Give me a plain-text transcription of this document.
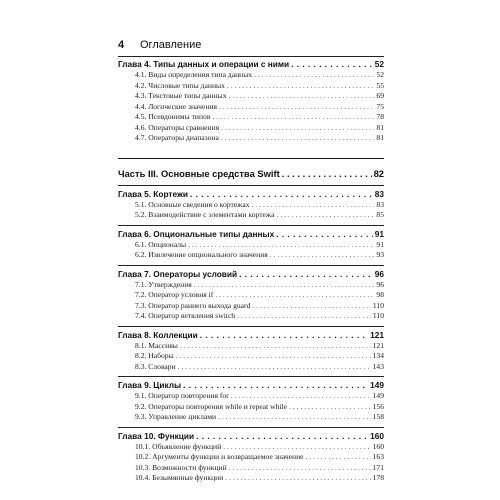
4 Оглавление
Глава 4. Типы данных и операции с ними . . .	52
4.1. Виды определения типа данных . . .	52
4.2. Числовые типы данных . . .	55
4.3. Текстовые типы данных . . .	69
4.4. Логические значения . . .	75
4.5. Псевдонимы типов . . .	78
4.6. Операторы сравнения . . .	81
4.7. Операторы диапазона . . .	81
Часть III. Основные средства Swift . . .	82
Глава 5. Кортежи . . .	83
5.1. Основные сведения о кортежах . . .	83
5.2. Взаимодействие с элементами кортежа . . .	85
Глава 6. Опциональные типы данных . . .	91
6.1. Опционалы . . .	91
6.2. Извлечение опционального значения . . .	93
Глава 7. Операторы условий . . .	96
7.1. Утверждения . . .	96
7.2. Оператор условия if . . .	98
7.3. Оператор раннего выхода guard . . .	110
7.4. Оператор ветвления switch . . .	110
Глава 8. Коллекции . . .	121
8.1. Массивы . . .	121
8.2. Наборы . . .	134
8.3. Словари . . .	143
Глава 9. Циклы . . .	149
9.1. Оператор повторения for . . .	149
9.2. Операторы повторения while и repeat while . . .	156
9.3. Управление циклами . . .	158
Глава 10. Функции . . .	160
10.1. Объявление функций . . .	160
10.2. Аргументы функции и возвращаемое значение . . .	163
10.3. Возможности функций . . .	171
10.4. Безымянные функции . . .	178
